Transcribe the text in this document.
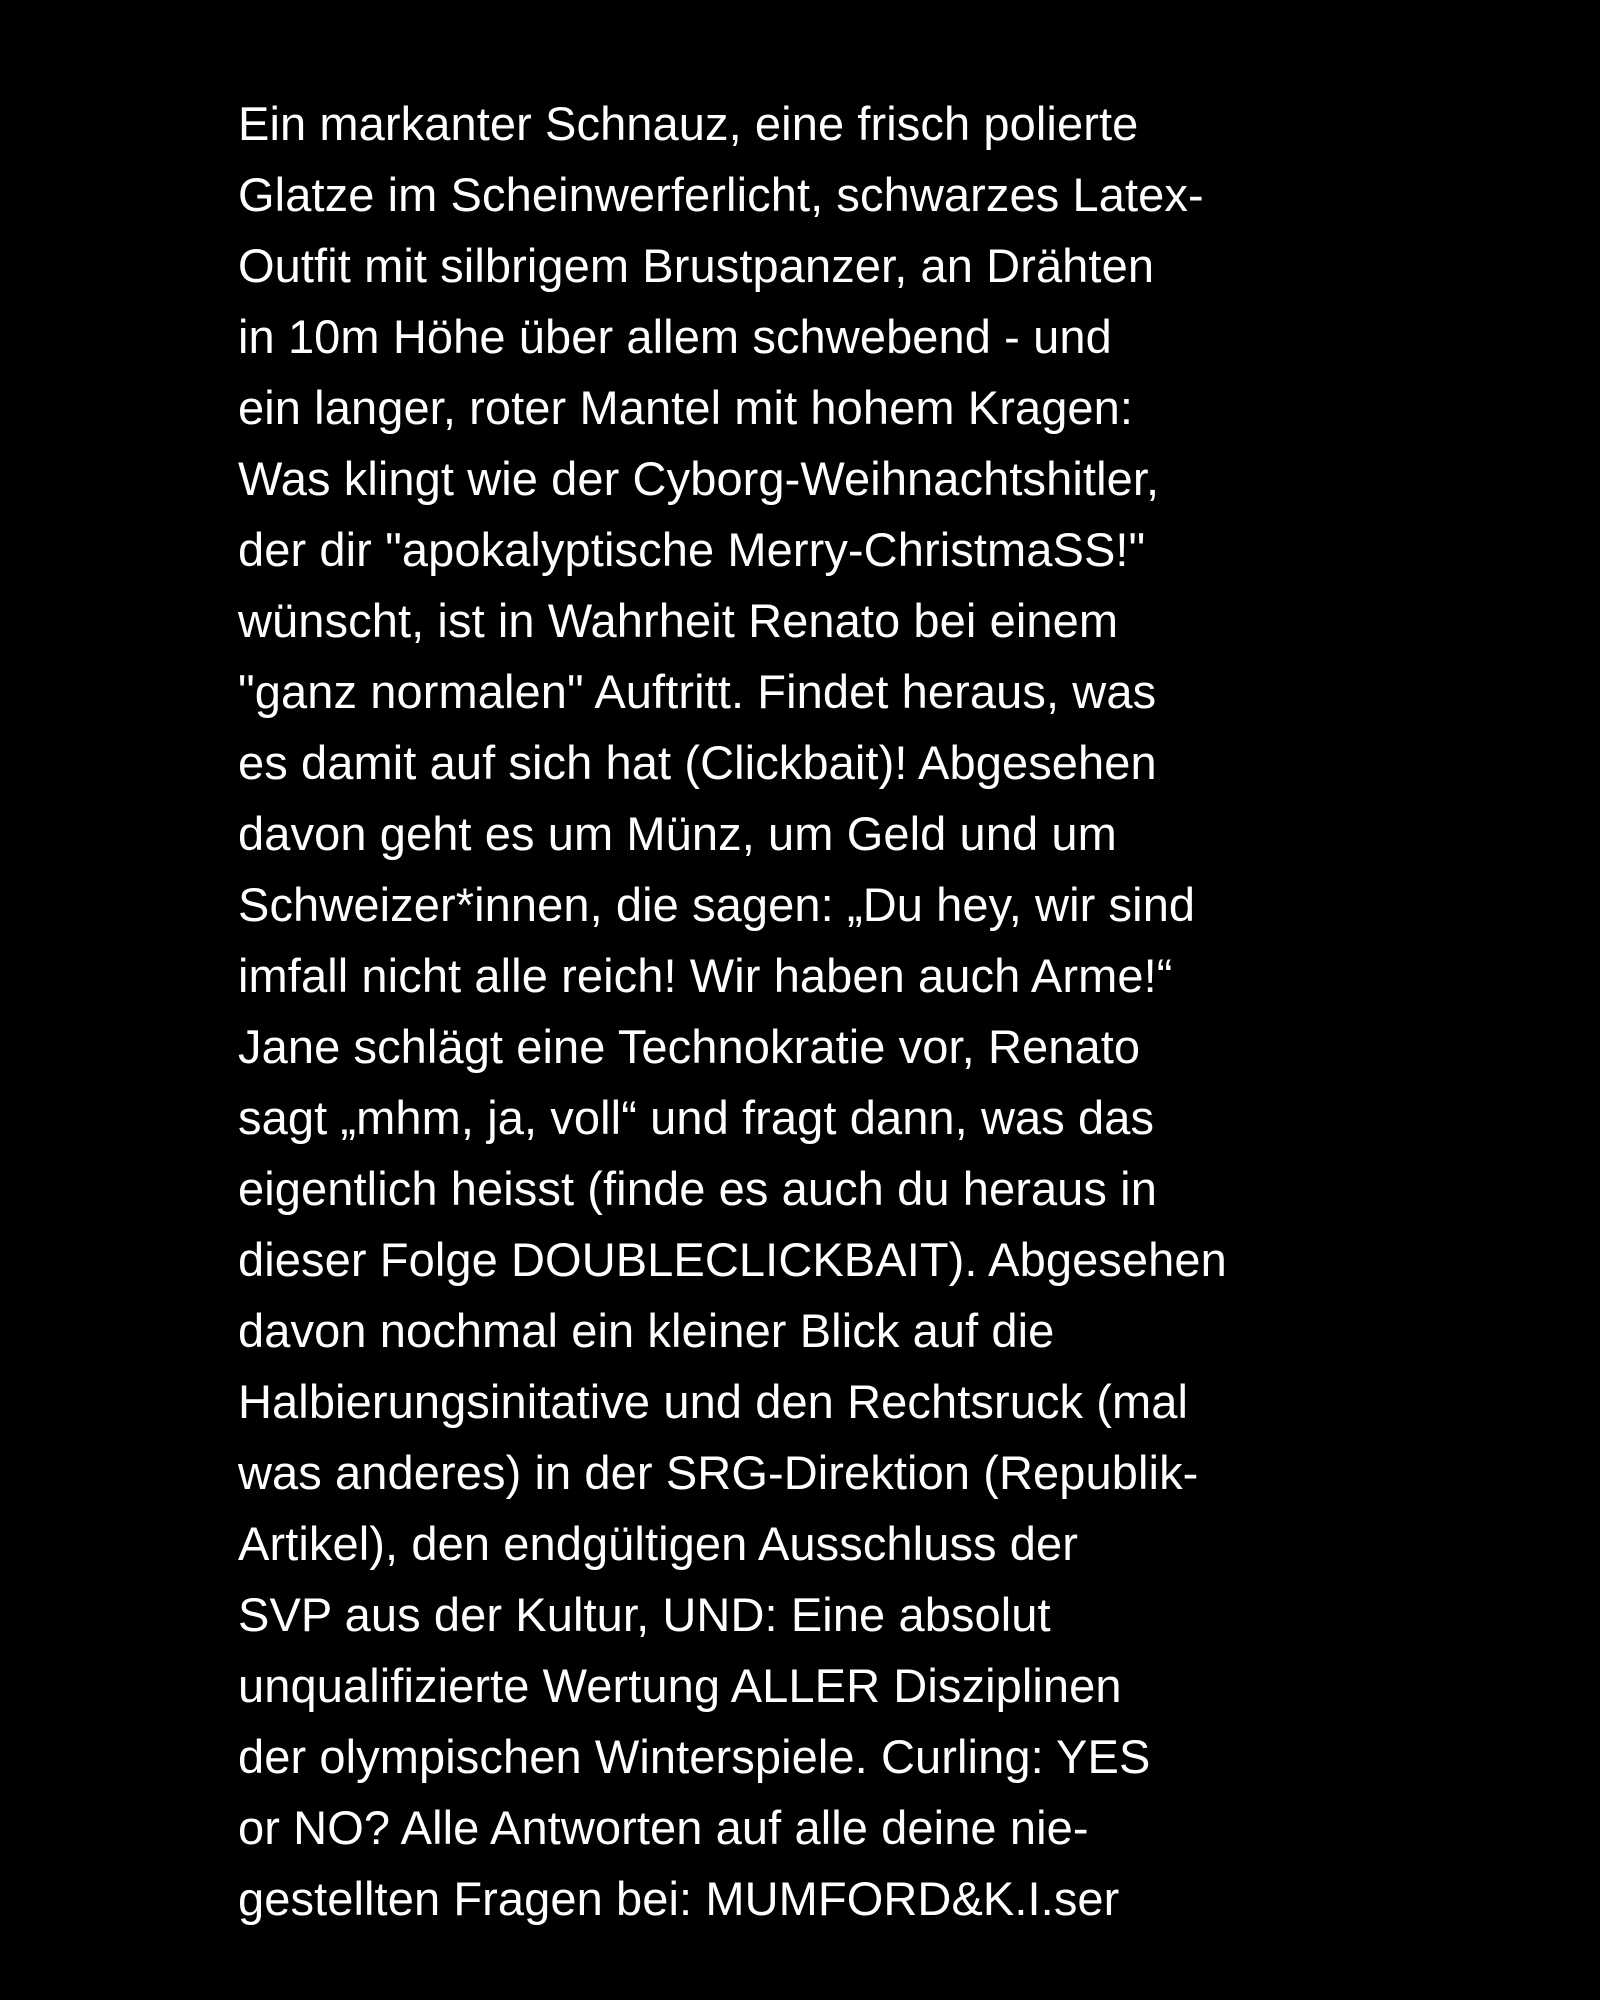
Ein markanter Schnauz, eine frisch polierte
Glatze im Scheinwerferlicht, schwarzes Latex-
Outfit mit silbrigem Brustpanzer, an Drähten
in 10m Höhe über allem schwebend - und
ein langer, roter Mantel mit hohem Kragen:
Was klingt wie der Cyborg-Weihnachtshitler,
der dir "apokalyptische Merry-ChristmaSS!"
wünscht, ist in Wahrheit Renato bei einem
"ganz normalen" Auftritt. Findet heraus, was
es damit auf sich hat (Clickbait)! Abgesehen
davon geht es um Münz, um Geld und um
Schweizer*innen, die sagen: „Du hey, wir sind
imfall nicht alle reich! Wir haben auch Arme!“
Jane schlägt eine Technokratie vor, Renato
sagt „mhm, ja, voll“ und fragt dann, was das
eigentlich heisst (finde es auch du heraus in
dieser Folge DOUBLECLICKBAIT). Abgesehen
davon nochmal ein kleiner Blick auf die
Halbierungsinitative und den Rechtsruck (mal
was anderes) in der SRG-Direktion (Republik-
Artikel), den endgültigen Ausschluss der
SVP aus der Kultur, UND: Eine absolut
unqualifizierte Wertung ALLER Disziplinen
der olympischen Winterspiele. Curling: YES
or NO? Alle Antworten auf alle deine nie-
gestellten Fragen bei: MUMFORD&K.I.ser
